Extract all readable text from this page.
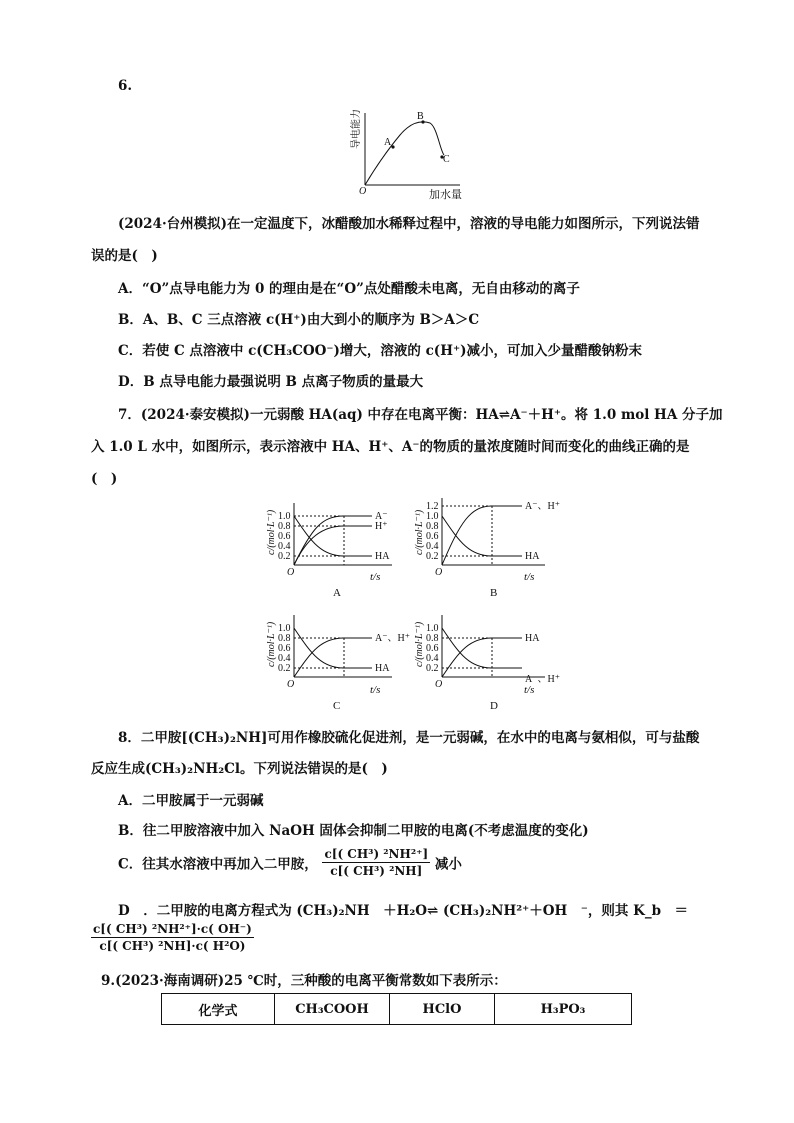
6.
A
B
C
O	加水量
导电能力
(2024·台州模拟)在一定温度下，冰醋酸加水稀释过程中，溶液的导电能力如图所示，下列说法错
误的是(　)
A．“O”点导电能力为 0 的理由是在“O”点处醋酸未电离，无自由移动的离子
B．A、B、C 三点溶液 c(H⁺)由大到小的顺序为 B＞A＞C
C．若使 C 点溶液中 c(CH₃COO⁻)增大，溶液的 c(H⁺)减小，可加入少量醋酸钠粉末
D．B 点导电能力最强说明 B 点离子物质的量最大
7．(2024·泰安模拟)一元弱酸 HA(aq) 中存在电离平衡：HA⇌A⁻＋H⁺。将 1.0 mol HA 分子加
入 1.0 L 水中，如图所示，表示溶液中 HA、H⁺、A⁻的物质的量浓度随时间而变化的曲线正确的是
(　)
c/(mol·L⁻¹) 1.0
0.8
0.6
0.4
0.2
A⁻
H⁺
HA
O	t/s
A
c/(mol·L⁻¹)
1.2
1.0
0.8
0.6
0.4
0.2
A⁻、H⁺
HA
O	t/s
B
c/(mol·L⁻¹) 1.0
0.8
0.6
0.4
0.2
A⁻、H⁺
HA
O	t/s
C
c/(mol·L⁻¹) 1.0
0.8
0.6
0.4
0.2
HA
A⁻、H⁺
O	t/s
D
8．二甲胺[(CH₃)₂NH]可用作橡胶硫化促进剂，是一元弱碱，在水中的电离与氨相似，可与盐酸
反应生成(CH₃)₂NH₂Cl。下列说法错误的是(　)
A．二甲胺属于一元弱碱
B．往二甲胺溶液中加入 NaOH 固体会抑制二甲胺的电离(不考虑温度的变化)
C．往其水溶液中再加入二甲胺， $\frac{\text{c[( CH³) ²NH²⁺]}}{\text{c[( CH³) ²NH]}}$ 减小
D　．二甲胺的电离方程式为 (CH₃)₂NH　＋H₂O⇌ (CH₃)₂NH²⁺＋OH　⁻，则其 K_b　＝
$\frac{\text{c[( CH³) ²NH²⁺]·c( OH⁻)}}{\text{c[( CH³) ²NH]·c( H²O)}}$
9.(2023·海南调研)25 ℃时，三种酸的电离平衡常数如下表所示：
化学式	CH₃COOH	HClO	H₃PO₃
